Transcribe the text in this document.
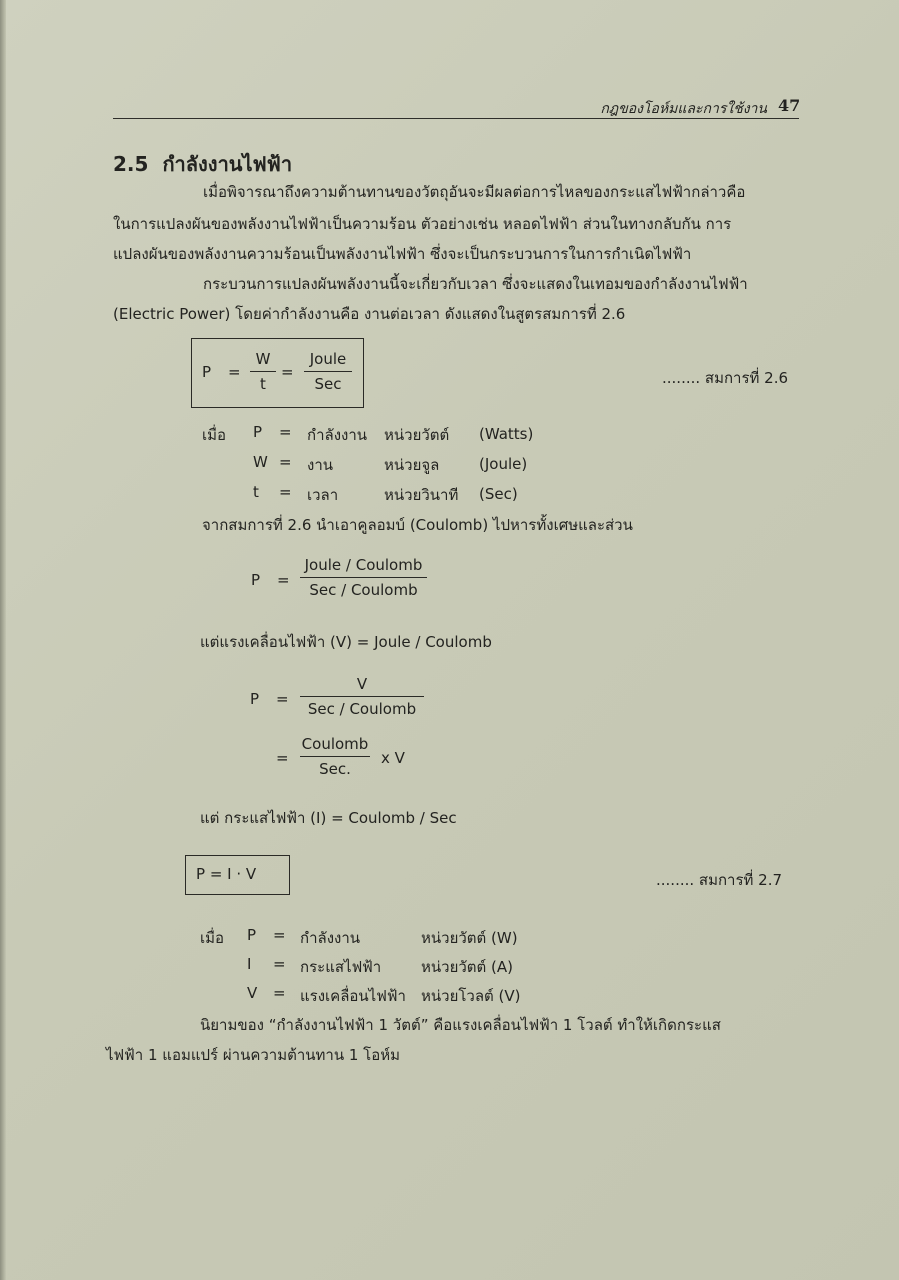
กฎของโอห์มและการใช้งาน 47
2.5 กำลังงานไฟฟ้า
เมื่อพิจารณาถึงความต้านทานของวัตถุอันจะมีผลต่อการไหลของกระแสไฟฟ้ากล่าวคือ
ในการแปลงผันของพลังงานไฟฟ้าเป็นความร้อน ตัวอย่างเช่น หลอดไฟฟ้า ส่วนในทางกลับกัน การ
แปลงผันของพลังงานความร้อนเป็นพลังงานไฟฟ้า ซึ่งจะเป็นกระบวนการในการกำเนิดไฟฟ้า
กระบวนการแปลงผันพลังงานนี้จะเกี่ยวกับเวลา ซึ่งจะแสดงในเทอมของกำลังงานไฟฟ้า
(Electric Power) โดยค่ากำลังงานคือ งานต่อเวลา ดังแสดงในสูตรสมการที่ 2.6
P =
W
t
=
Joule
Sec	........ สมการที่ 2.6
เมื่อ P = กำลังงาน หน่วยวัตต์ (Watts)
W = งาน	หน่วยจูล	(Joule)
t = เวลา	หน่วยวินาที (Sec)
จากสมการที่ 2.6 นำเอาคูลอมบ์ (Coulomb) ไปหารทั้งเศษและส่วน
P =
Joule / Coulomb
Sec / Coulomb
แต่แรงเคลื่อนไฟฟ้า (V) = Joule / Coulomb
P =
V
Sec / Coulomb
=
Coulomb
Sec.
x V
แต่ กระแสไฟฟ้า (I) = Coulomb / Sec
P = I · V	........ สมการที่ 2.7
เมื่อ P = กำลังงาน	หน่วยวัตต์ (W)
I = กระแสไฟฟ้า	หน่วยวัตต์ (A)
V = แรงเคลื่อนไฟฟ้า หน่วยโวลต์ (V)
นิยามของ “กำลังงานไฟฟ้า 1 วัตต์” คือแรงเคลื่อนไฟฟ้า 1 โวลต์ ทำให้เกิดกระแส
ไฟฟ้า 1 แอมแปร์ ผ่านความต้านทาน 1 โอห์ม
